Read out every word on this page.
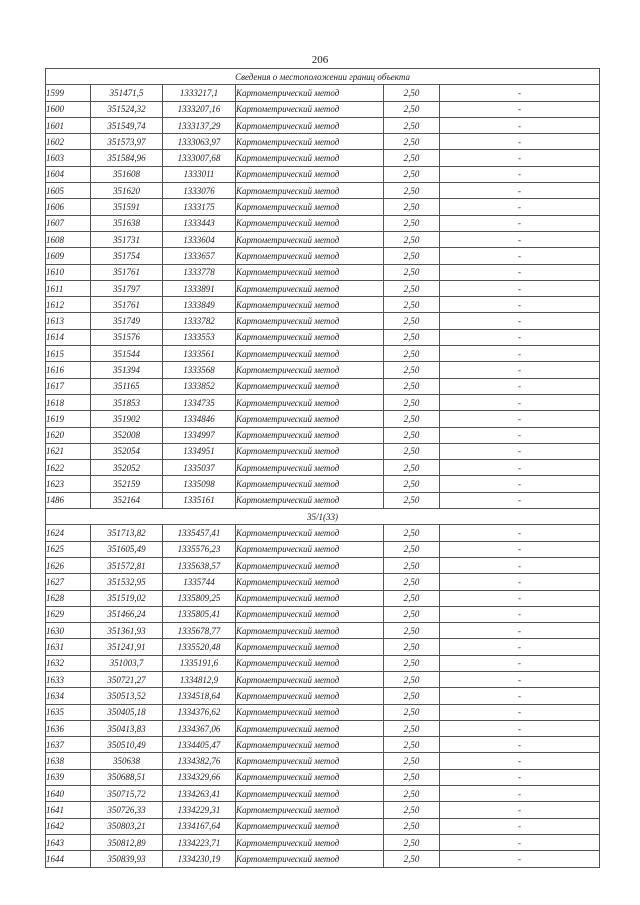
206
Сведения о местоположении границ объекта					
1599	351471,5	1333217,1	Картометрический метод	2,50	-
1600	351524,32	1333207,16	Картометрический метод	2,50	-
1601	351549,74	1333137,29	Картометрический метод	2,50	-
1602	351573,97	1333063,97	Картометрический метод	2,50	-
1603	351584,96	1333007,68	Картометрический метод	2,50	-
1604	351608	1333011	Картометрический метод	2,50	-
1605	351620	1333076	Картометрический метод	2,50	-
1606	351591	1333175	Картометрический метод	2,50	-
1607	351638	1333443	Картометрический метод	2,50	-
1608	351731	1333604	Картометрический метод	2,50	-
1609	351754	1333657	Картометрический метод	2,50	-
1610	351761	1333778	Картометрический метод	2,50	-
1611	351797	1333891	Картометрический метод	2,50	-
1612	351761	1333849	Картометрический метод	2,50	-
1613	351749	1333782	Картометрический метод	2,50	-
1614	351576	1333553	Картометрический метод	2,50	-
1615	351544	1333561	Картометрический метод	2,50	-
1616	351394	1333568	Картометрический метод	2,50	-
1617	351165	1333852	Картометрический метод	2,50	-
1618	351853	1334735	Картометрический метод	2,50	-
1619	351902	1334846	Картометрический метод	2,50	-
1620	352008	1334997	Картометрический метод	2,50	-
1621	352054	1334951	Картометрический метод	2,50	-
1622	352052	1335037	Картометрический метод	2,50	-
1623	352159	1335098	Картометрический метод	2,50	-
1486	352164	1335161	Картометрический метод	2,50	-
35/1(33)					
1624	351713,82	1335457,41	Картометрический метод	2,50	-
1625	351605,49	1335576,23	Картометрический метод	2,50	-
1626	351572,81	1335638,57	Картометрический метод	2,50	-
1627	351532,95	1335744	Картометрический метод	2,50	-
1628	351519,02	1335809,25	Картометрический метод	2,50	-
1629	351466,24	1335805,41	Картометрический метод	2,50	-
1630	351361,93	1335678,77	Картометрический метод	2,50	-
1631	351241,91	1335520,48	Картометрический метод	2,50	-
1632	351003,7	1335191,6	Картометрический метод	2,50	-
1633	350721,27	1334812,9	Картометрический метод	2,50	-
1634	350513,52	1334518,64	Картометрический метод	2,50	-
1635	350405,18	1334376,62	Картометрический метод	2,50	-
1636	350413,83	1334367,06	Картометрический метод	2,50	-
1637	350510,49	1334405,47	Картометрический метод	2,50	-
1638	350638	1334382,76	Картометрический метод	2,50	-
1639	350688,51	1334329,66	Картометрический метод	2,50	-
1640	350715,72	1334263,41	Картометрический метод	2,50	-
1641	350726,33	1334229,31	Картометрический метод	2,50	-
1642	350803,21	1334167,64	Картометрический метод	2,50	-
1643	350812,89	1334223,71	Картометрический метод	2,50	-
1644	350839,93	1334230,19	Картометрический метод	2,50	-
